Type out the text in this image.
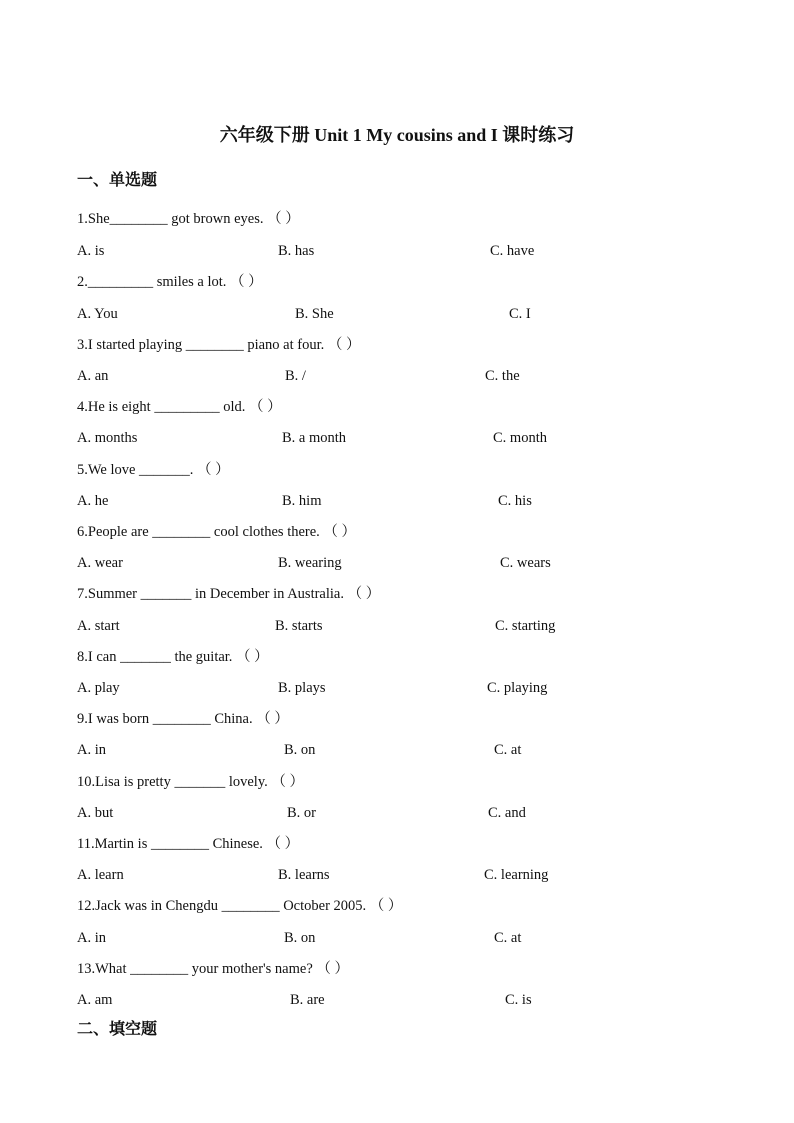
六年级下册 Unit 1 My cousins and I 课时练习
一、单选题
1.She________ got brown eyes. （ ）
A. is	B. has	C. have
2._________ smiles a lot. （ ）
A. You	B. She	C. I
3.I started playing ________ piano at four. （ ）
A. an	B. /	C. the
4.He is eight _________ old. （ ）
A. months	B. a month	C. month
5.We love _______. （ ）
A. he	B. him	C. his
6.People are ________ cool clothes there. （ ）
A. wear	B. wearing	C. wears
7.Summer _______ in December in Australia. （ ）
A. start	B. starts	C. starting
8.I can _______ the guitar. （ ）
A. play	B. plays	C. playing
9.I was born ________ China. （ ）
A. in	B. on	C. at
10.Lisa is pretty _______ lovely. （ ）
A. but	B. or	C. and
11.Martin is ________ Chinese. （ ）
A. learn	B. learns	C. learning
12.Jack was in Chengdu ________ October 2005. （ ）
A. in	B. on	C. at
13.What ________ your mother's name? （ ）
A. am	B. are	C. is
二、填空题
